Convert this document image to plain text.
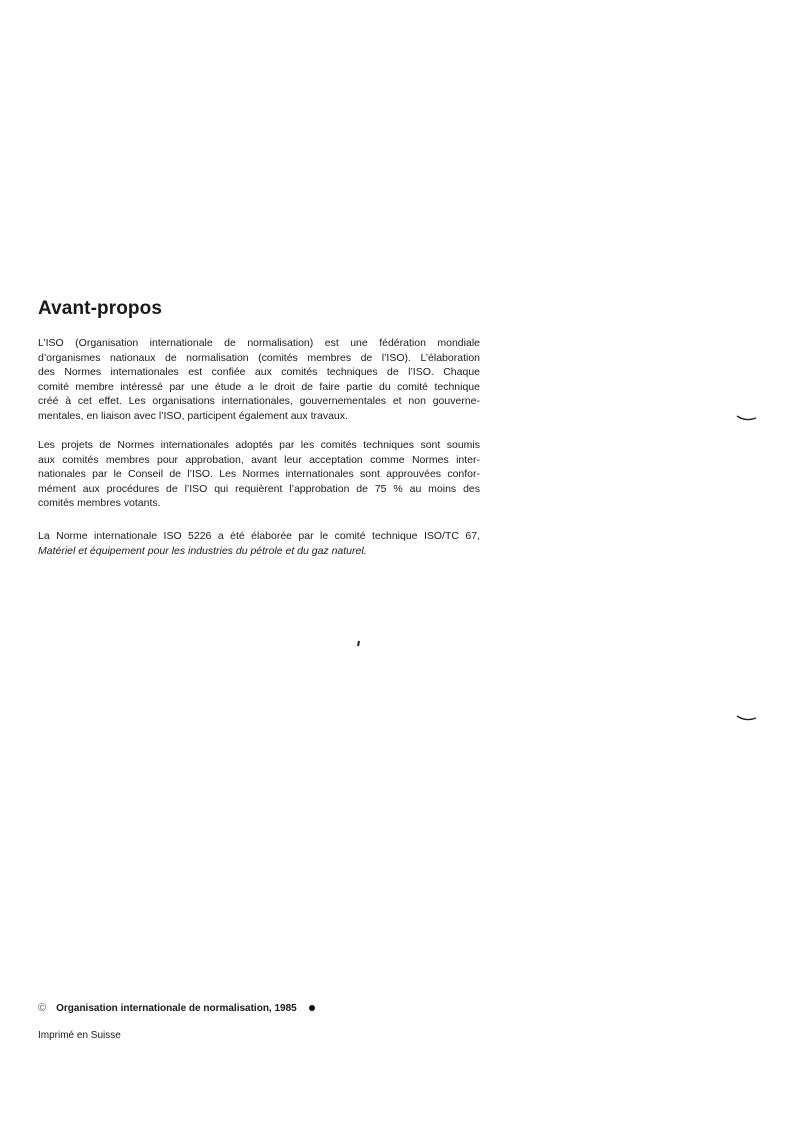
Avant-propos
L’ISO (Organisation internationale de normalisation) est une fédération mondiale
d’organismes nationaux de normalisation (comités membres de l’ISO). L’élaboration
des Normes internationales est confiée aux comités techniques de l’ISO. Chaque
comité membre intéressé par une étude a le droit de faire partie du comité technique
créé à cet effet. Les organisations internationales, gouvernementales et non gouverne-
mentales, en liaison avec l’ISO, participent également aux travaux.
Les projets de Normes internationales adoptés par les comités techniques sont soumis
aux comités membres pour approbation, avant leur acceptation comme Normes inter-
nationales par le Conseil de l’ISO. Les Normes internationales sont approuvées confor-
mément aux procédures de l’ISO qui requièrent l’approbation de 75 % au moins des
comités membres votants.
La Norme internationale ISO 5226 a été élaborée par le comité technique ISO/TC 67,
Matériel et équipement pour les industries du pétrole et du gaz naturel.
© Organisation internationale de normalisation, 1985
Imprimé en Suisse
